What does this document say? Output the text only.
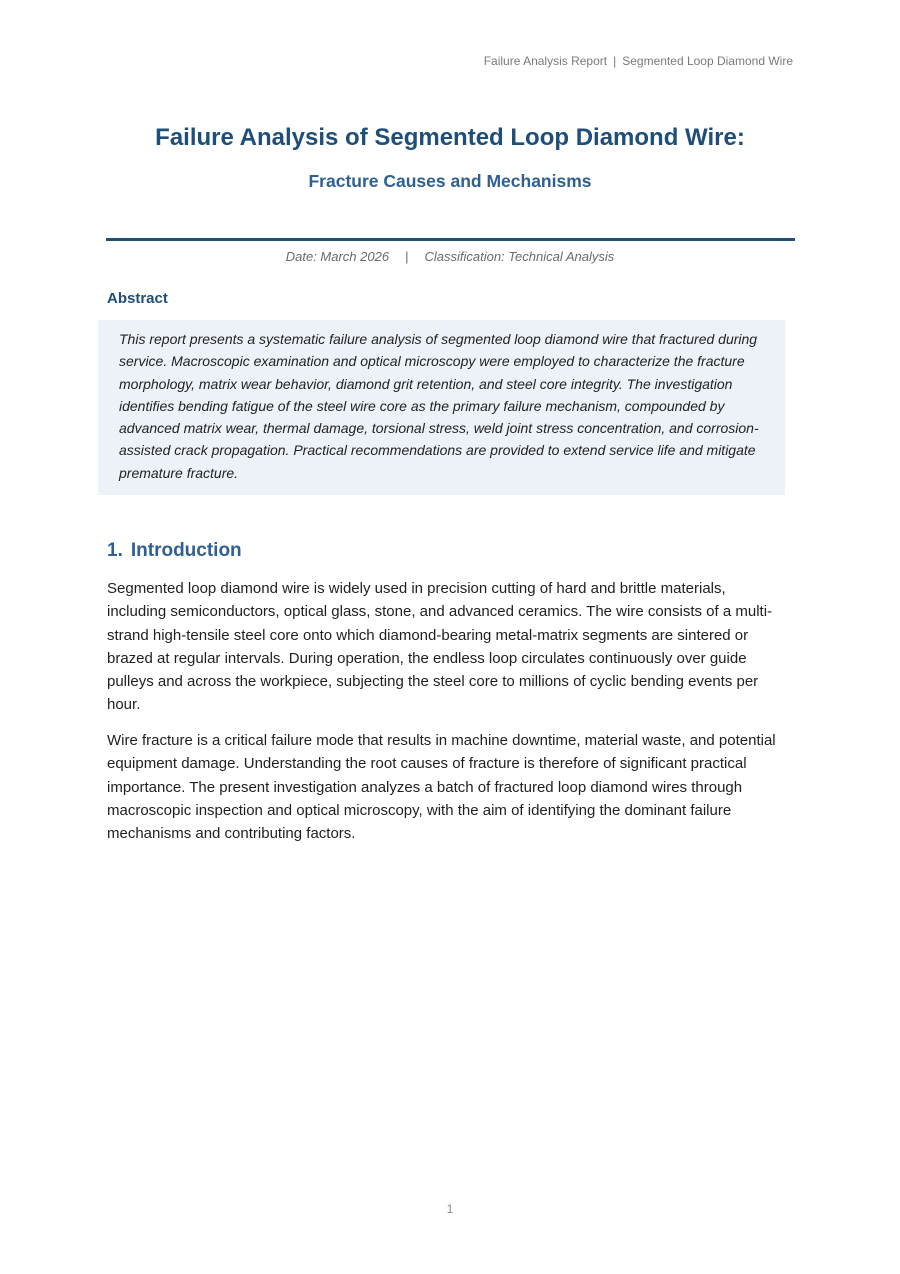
Failure Analysis Report | Segmented Loop Diamond Wire
Failure Analysis of Segmented Loop Diamond Wire:
Fracture Causes and Mechanisms
Date: March 2026 | Classification: Technical Analysis
Abstract

This report presents a systematic failure analysis of segmented loop diamond wire that fractured during service. Macroscopic examination and optical microscopy were employed to characterize the fracture morphology, matrix wear behavior, diamond grit retention, and steel core integrity. The investigation identifies bending fatigue of the steel wire core as the primary failure mechanism, compounded by advanced matrix wear, thermal damage, torsional stress, weld joint stress concentration, and corrosion-assisted crack propagation. Practical recommendations are provided to extend service life and mitigate premature fracture.

1. Introduction

Segmented loop diamond wire is widely used in precision cutting of hard and brittle materials, including semiconductors, optical glass, stone, and advanced ceramics. The wire consists of a multi-strand high-tensile steel core onto which diamond-bearing metal-matrix segments are sintered or brazed at regular intervals. During operation, the endless loop circulates continuously over guide pulleys and across the workpiece, subjecting the steel core to millions of cyclic bending events per hour.

Wire fracture is a critical failure mode that results in machine downtime, material waste, and potential equipment damage. Understanding the root causes of fracture is therefore of significant practical importance. The present investigation analyzes a batch of fractured loop diamond wires through macroscopic inspection and optical microscopy, with the aim of identifying the dominant failure mechanisms and contributing factors.

1
